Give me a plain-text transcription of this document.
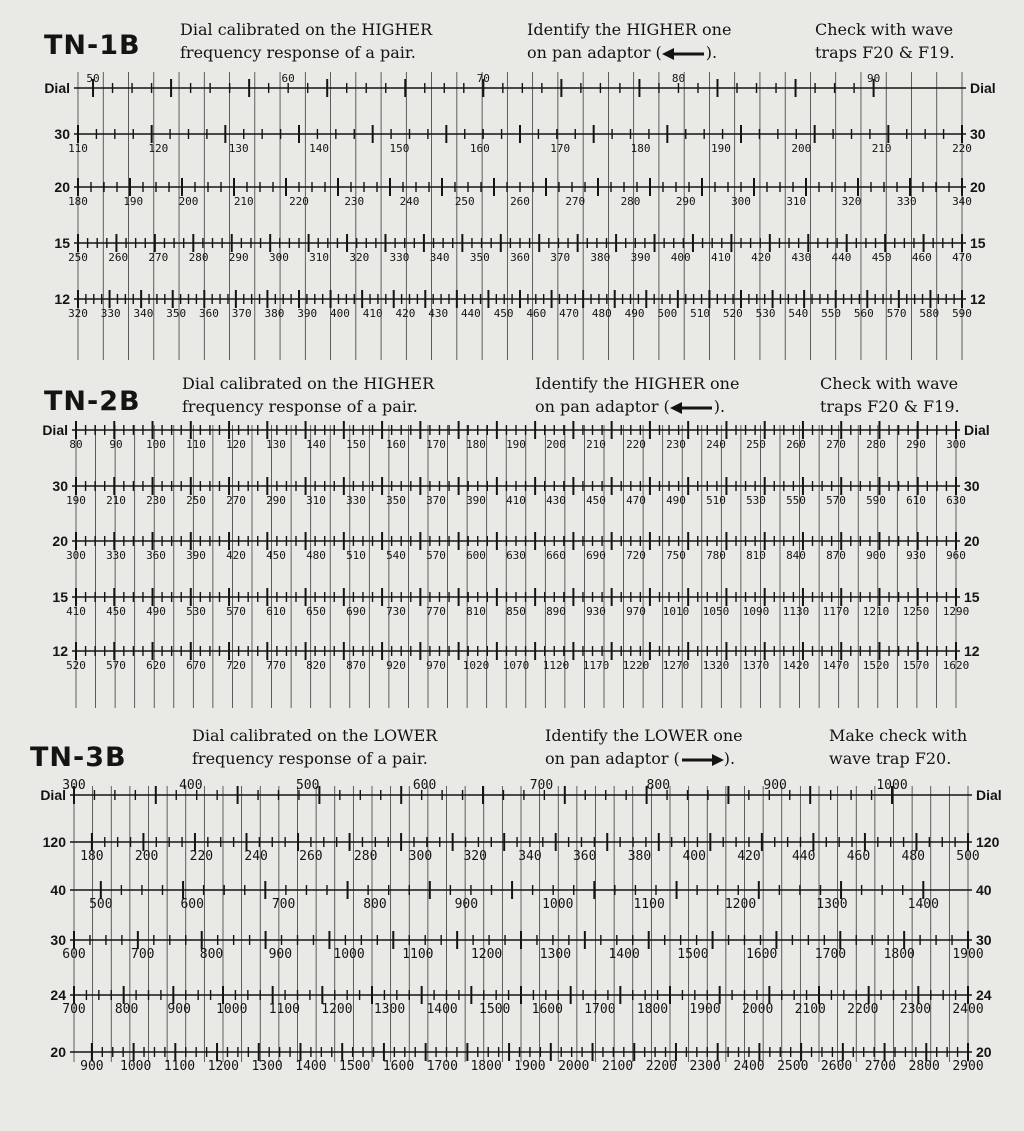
TN-1B
Dial calibrated on the HIGHER
frequency response of a pair.
Identify the HIGHER one
on pan adaptor (	).
Check with wave
traps F20 & F19.
TN-2B
Dial calibrated on the HIGHER
frequency response of a pair.
Identify the HIGHER one
on pan adaptor (	).
Check with wave
traps F20 & F19.
TN-3B
Dial calibrated on the LOWER
frequency response of a pair.
Identify the LOWER one
on pan adaptor (	).
Make check with
wave trap F20.
Dial	Dial
50	60	70	80	90
30	30
110	120	130	140	150	160	170	180	190	200	210	220
20	20
180	190	200	210	220	230	240	250	260	270	280	290	300	310	320	330	340
15	15
250 260 270 280 290 300 310 320 330 340 350 360 370 380 390 400 410 420 430 440 450 460 470
12	12
320 330 340 350 360 370 380 390 400 410 420 430 440 450 460 470 480 490 500 510 520 530 540 550 560 570 580 590
Dial	Dial
80 90 100 110 120 130 140 150 160 170 180 190 200 210 220 230 240 250 260 270 280 290 300
30	30
190 210 230 250 270 290 310 330 350 370 390 410 430 450 470 490 510 530 550 570 590 610 630
20	20
300 330 360 390 420 450 480 510 540 570 600 630 660 690 720 750 780 810 840 870 900 930 960
15	15
410 450 490 530 570 610 650 690 730 770 810 850 890 930 970 1010 1050 1090 1130 1170 1210 1250 1290
12	12
520 570 620 670 720 770 820 870 920 970 1020 1070 1120 1170 1220 1270 1320 1370 1420 1470 1520 1570 1620
Dial	Dial
300	400	500	600	700	800	900	1000
120	120
180 200 220 240 260 280 300 320 340 360 380 400 420 440 460 480 500
40	40
500	600	700	800	900	1000	1100	1200	1300	1400
30	30
600	700	800	900	1000	1100	1200	1300	1400	1500	1600	1700	1800	1900
24	24
700 800 900 1000 1100 1200 1300 1400 1500 1600 1700 1800 1900 2000 2100 2200 2300 2400
20	20
900 1000 1100 1200 1300 1400 1500 1600 1700 1800 1900 2000 2100 2200 2300 2400 2500 2600 2700 2800 2900
